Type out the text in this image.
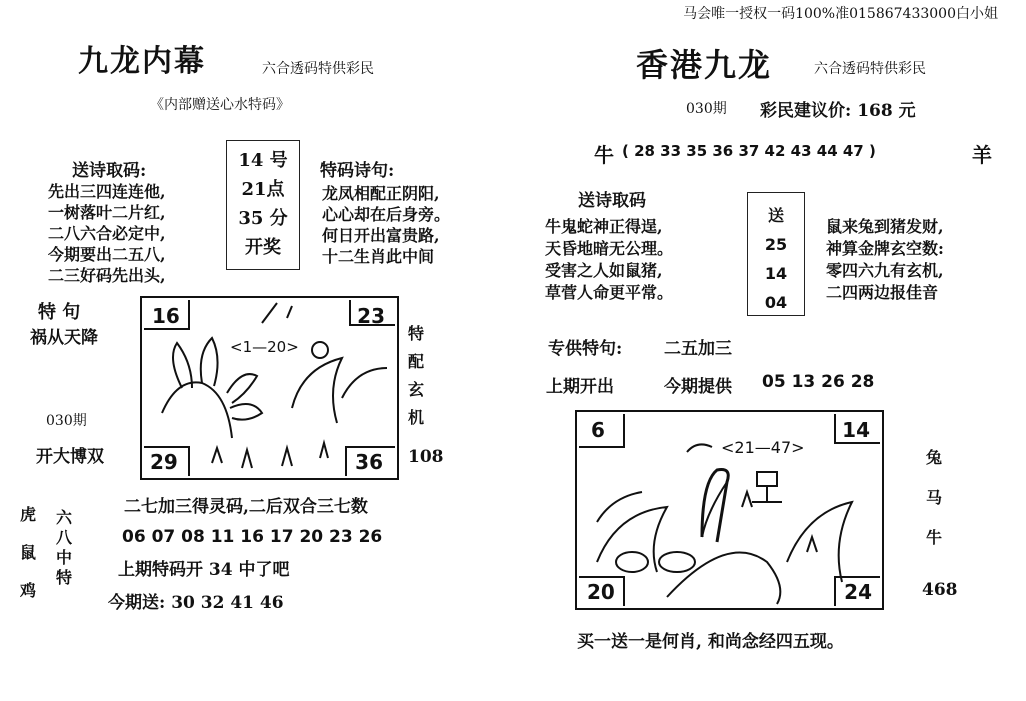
马会唯一授权一码100%准015867433000白小姐
九龙内幕	六合透码特供彩民
《内部赠送心水特码》
送诗取码:
先出三四连连他,
一树落叶二片红,
二八六合必定中,
今期要出二五八,
二三好码先出头,
14 号
21点
35 分
开奖
特码诗句:
龙凤相配正阴阳,
心心却在后身旁。
何日开出富贵路,
十二生肖此中间
特 句
祸从天降
030期
开大博双
16	23
29	36
<1—20>
特
配
玄
机
108
二七加三得灵码,二后双合三七数
06 07 08 11 16 17 20 23 26
上期特码开 34 中了吧
今期送: 30 32 41 46
虎
鼠
鸡
六
八
中
特
香港九龙	六合透码特供彩民
030期 彩民建议价: 168 元
牛 ( 28 33 35 36 37 42 43 44 47 )	羊
送诗取码
牛鬼蛇神正得逞,
天昏地暗无公理。
受害之人如鼠猪,
草菅人命更平常。
送
25
14
04
鼠来兔到猪发财,
神算金牌玄空数:
零四六九有玄机,
二四两边报佳音
专供特句: 二五加三
上期开出	今期提供 05 13 26 28
6	14
20	24
<21—47>
兔
马
牛
468
买一送一是何肖, 和尚念经四五现。
